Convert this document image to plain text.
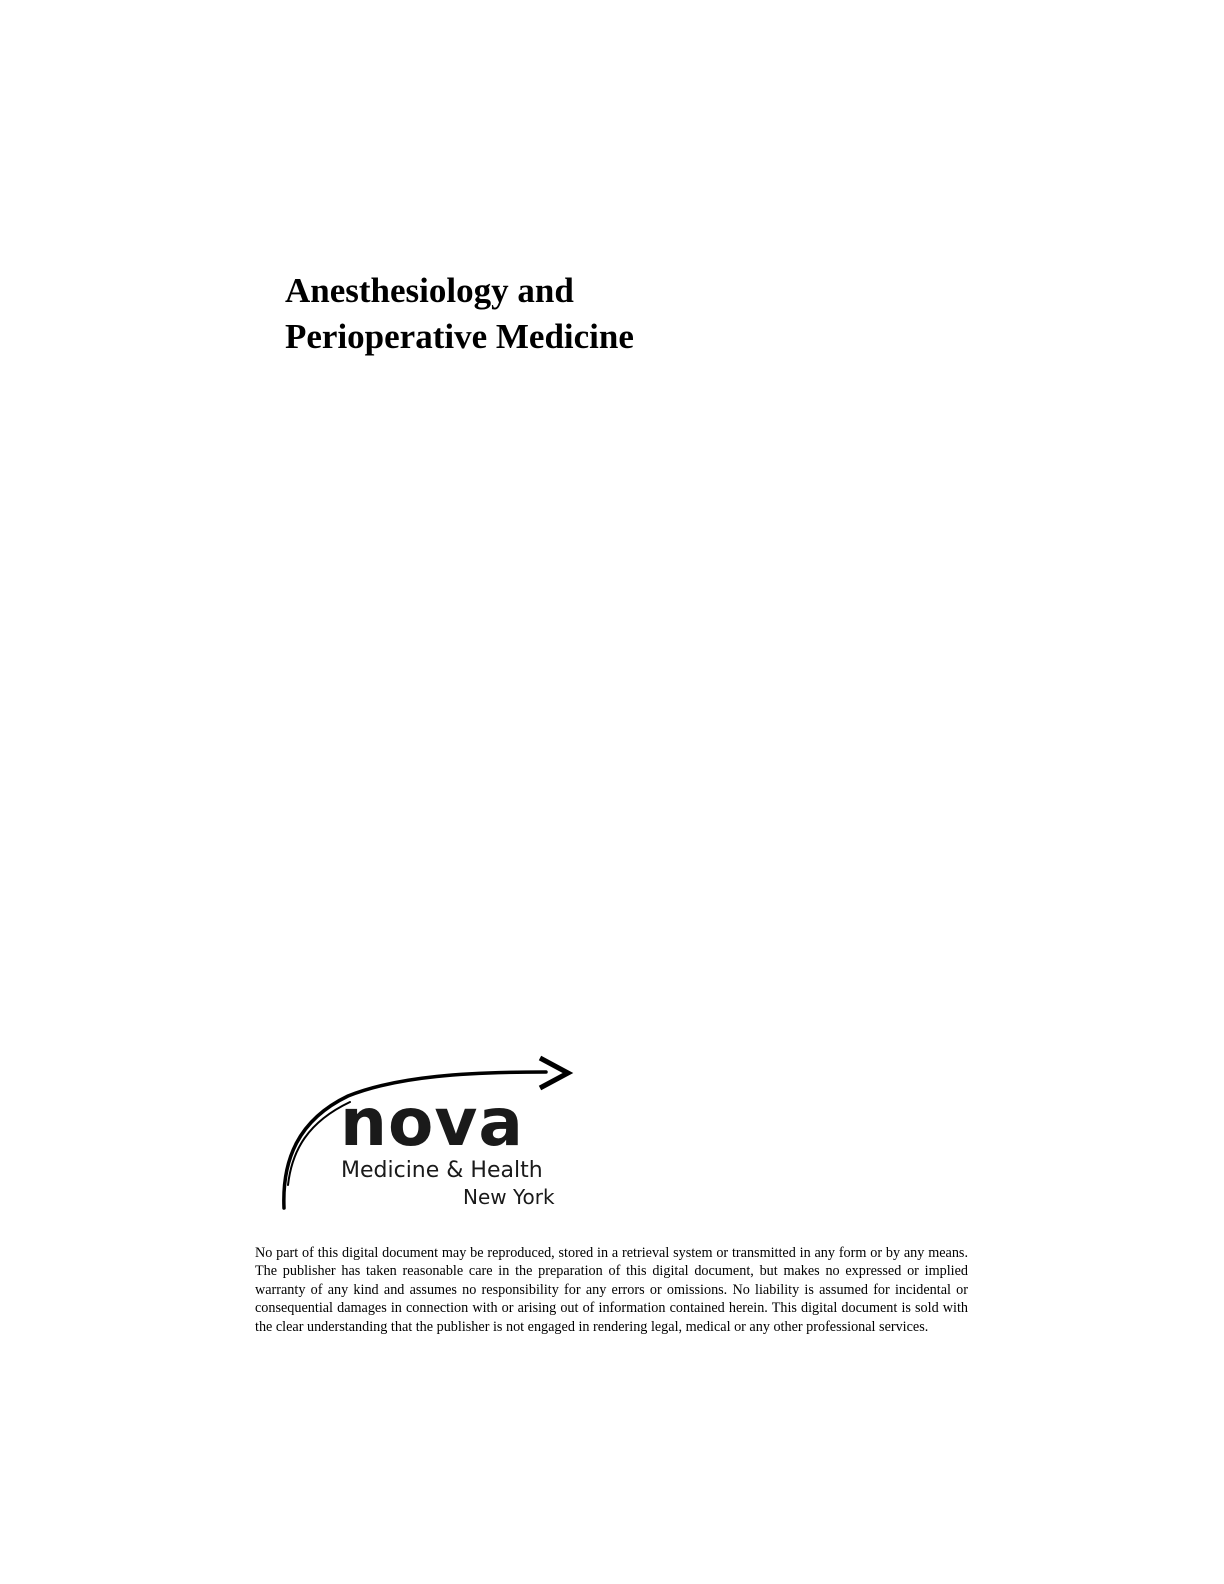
Anesthesiology and
Perioperative Medicine
nova
Medicine & Health
New York

No part of this digital document may be reproduced, stored in a retrieval system or transmitted in any form or by any means. The publisher has taken reasonable care in the preparation of this digital document, but makes no expressed or implied warranty of any kind and assumes no responsibility for any errors or omissions. No liability is assumed for incidental or consequential damages in connection with or arising out of information contained herein. This digital document is sold with the clear understanding that the publisher is not engaged in rendering legal, medical or any other professional services.
